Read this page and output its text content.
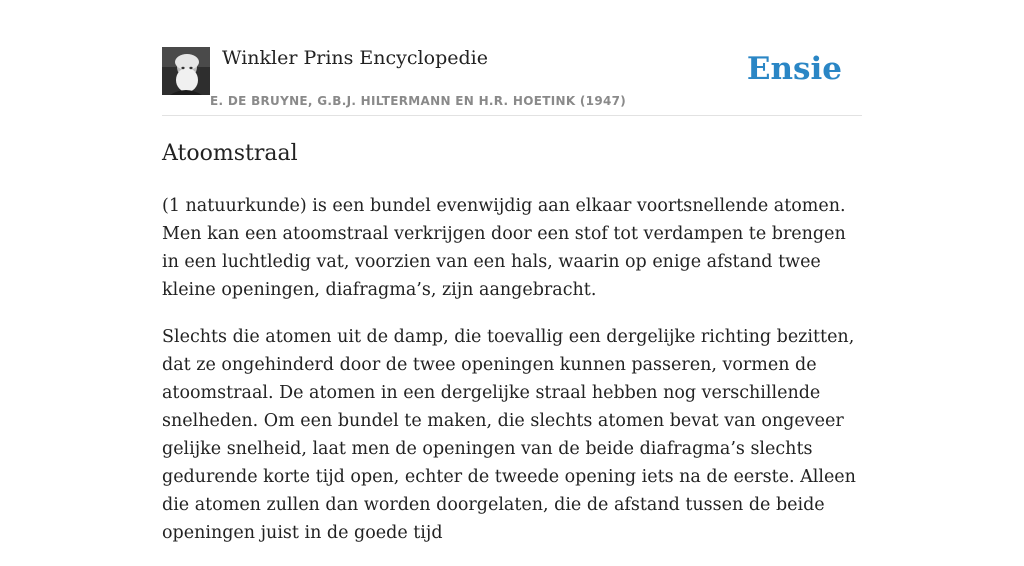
Winkler Prins Encyclopedie
E. DE BRUYNE, G.B.J. HILTERMANN EN H.R. HOETINK (1947)
Ensie
Atoomstraal

(1 natuurkunde) is een bundel evenwijdig aan elkaar voortsnellende atomen. Men kan een atoomstraal verkrijgen door een stof tot verdampen te brengen in een luchtledig vat, voorzien van een hals, waarin op enige afstand twee kleine openingen, diafragma’s, zijn aangebracht.

Slechts die atomen uit de damp, die toevallig een dergelijke richting bezitten, dat ze ongehinderd door de twee openingen kunnen passeren, vormen de atoomstraal. De atomen in een dergelijke straal hebben nog verschillende snelheden. Om een bundel te maken, die slechts atomen bevat van ongeveer gelijke snelheid, laat men de openingen van de beide diafragma’s slechts gedurende korte tijd open, echter de tweede opening iets na de eerste. Alleen die atomen zullen dan worden doorgelaten, die de afstand tussen de beide openingen juist in de goede tijd
